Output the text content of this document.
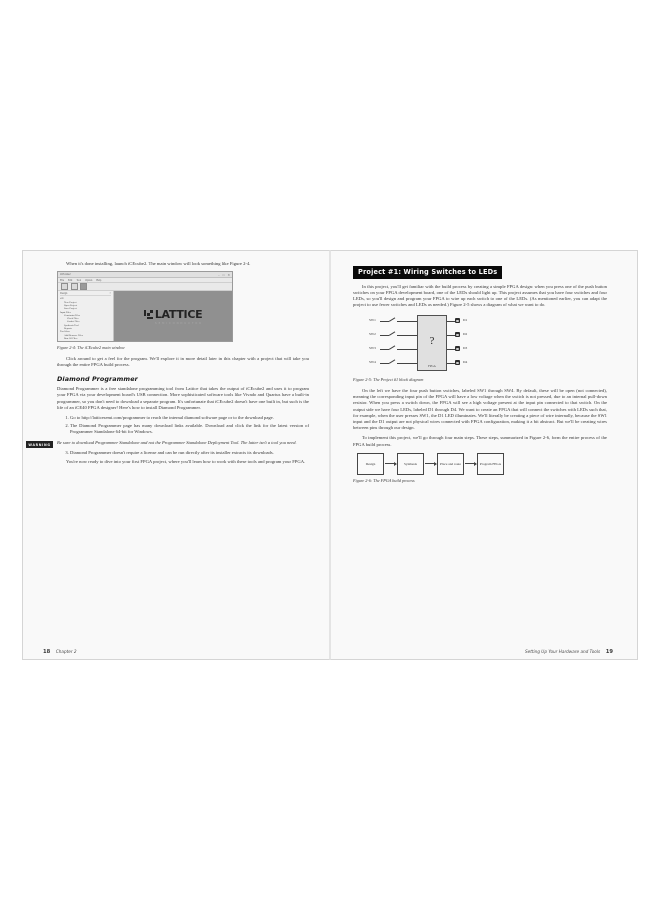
When it's done installing, launch iCEcube2. The main window will look something like Figure 2-4.

iCEcube2	– □ ✕
File Edit Tool Option Help
Design	×
iCE
New Project
Open Project
Save Project
Input Files
Constraint Files
Clock Files
Gasket Files
Synthesis Tool
Reports
Tool flow
Add/Remove Files
Run All Files
LATTICE
SEMICONDUCTOR
Figure 2-4: The iCEcube2 main window

Click around to get a feel for the program. We'll explore it in more detail later in this chapter with a project that will take you through the entire FPGA build process.

Diamond Programmer

Diamond Programmer is a free standalone programming tool from Lattice that takes the output of iCEcube2 and uses it to program your FPGA via your development board's USB connection. More sophisticated software tools like Vivado and Quartus have a built-in programmer, so you don't need to download a separate program. It's unfortunate that iCEcube2 doesn't have one built in, but such is the life of an iCE40 FPGA designer! Here's how to install Diamond Programmer.

1. Go to http://latticesemi.com/programmer to reach the internal diamond software page or to the download page.
2. The Diamond Programmer page has many download links available. Download and click the link for the latest version of Programmer Standalone 64-bit for Windows.
WARNING	Be sure to download Programmer Standalone and not the Programmer Standalone Deployment Tool. The latter isn't a tool you need.
3. Diamond Programmer doesn't require a license and can be run directly after its installer extracts its downloads.

You're now ready to dive into your first FPGA project, where you'll learn how to work with these tools and program your FPGA.

18 Chapter 2
Project #1: Wiring Switches to LEDs

In this project, you'll get familiar with the build process by creating a simple FPGA design: when you press one of the push button switches on your FPGA development board, one of the LEDs should light up. This project assumes that you have four switches and four LEDs, so you'll design and program your FPGA to wire up each switch to one of the LEDs. (As mentioned earlier, you can adapt the project to use fewer switches and LEDs as needed.) Figure 2-5 shows a diagram of what we want to do.

SW1
SW2
SW3
SW4
?
FPGA
D1
D2
D3
D4
Figure 2-5: The Project #1 block diagram

On the left we have the four push button switches, labeled SW1 through SW4. By default, these will be open (not connected), meaning the corresponding input pin of the FPGA will have a low voltage when the switch is not pressed, due to an internal pull-down resistor. When you press a switch down, the FPGA will see a high voltage present at the input pin connected to that switch. On the output side we have four LEDs, labeled D1 through D4. We want to create an FPGA that will connect the switches with LEDs such that, for example, when the user presses SW1, the D1 LED illuminates. We'll literally be creating a piece of wire internally, because the SW1 input and the D1 output are not physical wires connected with FPGA configuration, making it a bit abstract. But we'll be creating wires between pins through our design.

To implement this project, we'll go through four main steps. These steps, summarized in Figure 2-6, form the entire process of the FPGA build process.

Design	Synthesis	Place and route	Program FPGA
Figure 2-6: The FPGA build process
Setting Up Your Hardware and Tools 19
